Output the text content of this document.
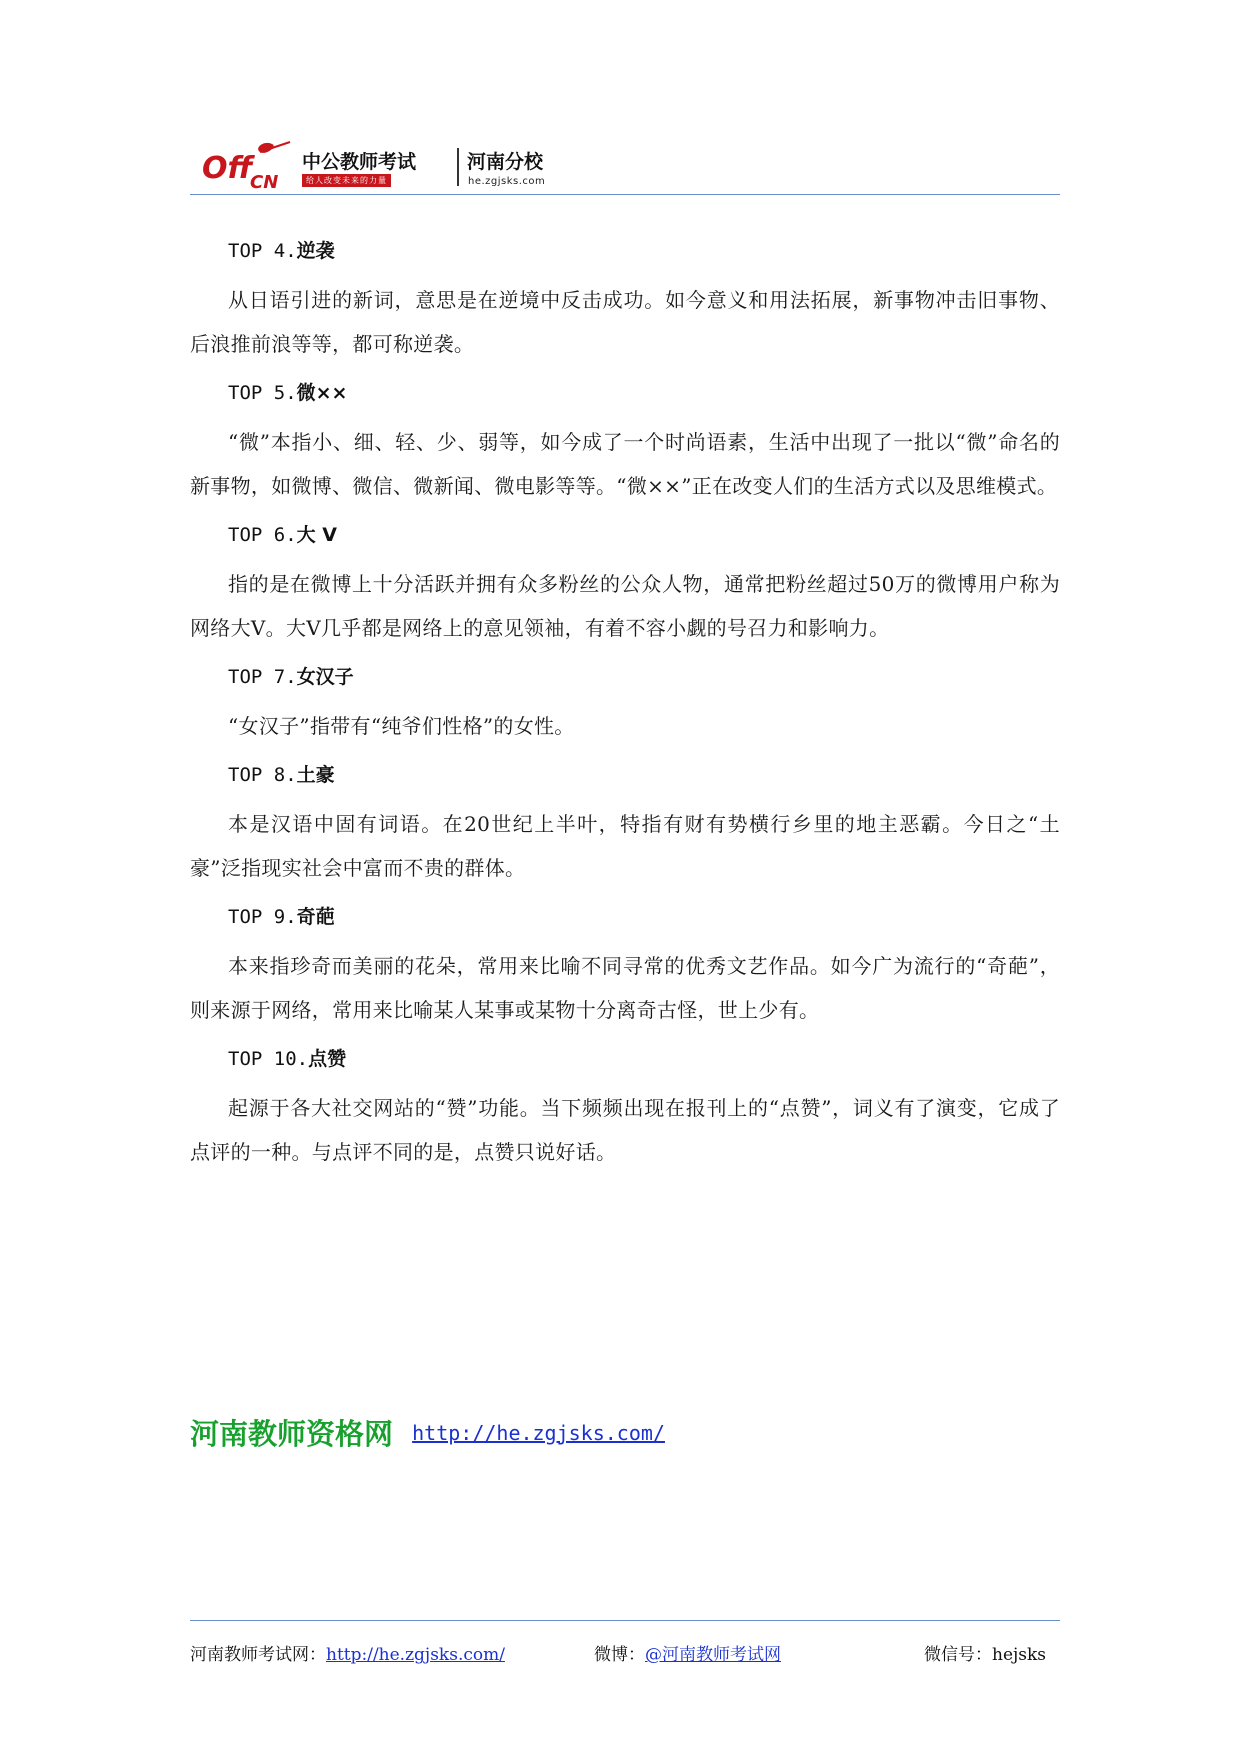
Off
CN
中公教师考试
给人改变未来的力量
河南分校
he.zgjsks.com
TOP 4.逆袭

从日语引进的新词，意思是在逆境中反击成功。如今意义和用法拓展，新事物冲击旧事物、后浪推前浪等等，都可称逆袭。

TOP 5.微××

“微”本指小、细、轻、少、弱等，如今成了一个时尚语素，生活中出现了一批以“微”命名的新事物，如微博、微信、微新闻、微电影等等。“微××”正在改变人们的生活方式以及思维模式。

TOP 6.大 V

指的是在微博上十分活跃并拥有众多粉丝的公众人物，通常把粉丝超过50万的微博用户称为网络大V。大V几乎都是网络上的意见领袖，有着不容小觑的号召力和影响力。

TOP 7.女汉子

“女汉子”指带有“纯爷们性格”的女性。

TOP 8.土豪

本是汉语中固有词语。在20世纪上半叶，特指有财有势横行乡里的地主恶霸。今日之“土豪”泛指现实社会中富而不贵的群体。

TOP 9.奇葩

本来指珍奇而美丽的花朵，常用来比喻不同寻常的优秀文艺作品。如今广为流行的“奇葩”，则来源于网络，常用来比喻某人某事或某物十分离奇古怪，世上少有。

TOP 10.点赞

起源于各大社交网站的“赞”功能。当下频频出现在报刊上的“点赞”，词义有了演变，它成了点评的一种。与点评不同的是，点赞只说好话。

河南教师资格网 http://he.zgjsks.com/
河南教师考试网：http://he.zgjsks.com/	微博：@河南教师考试网	微信号：hejsks
